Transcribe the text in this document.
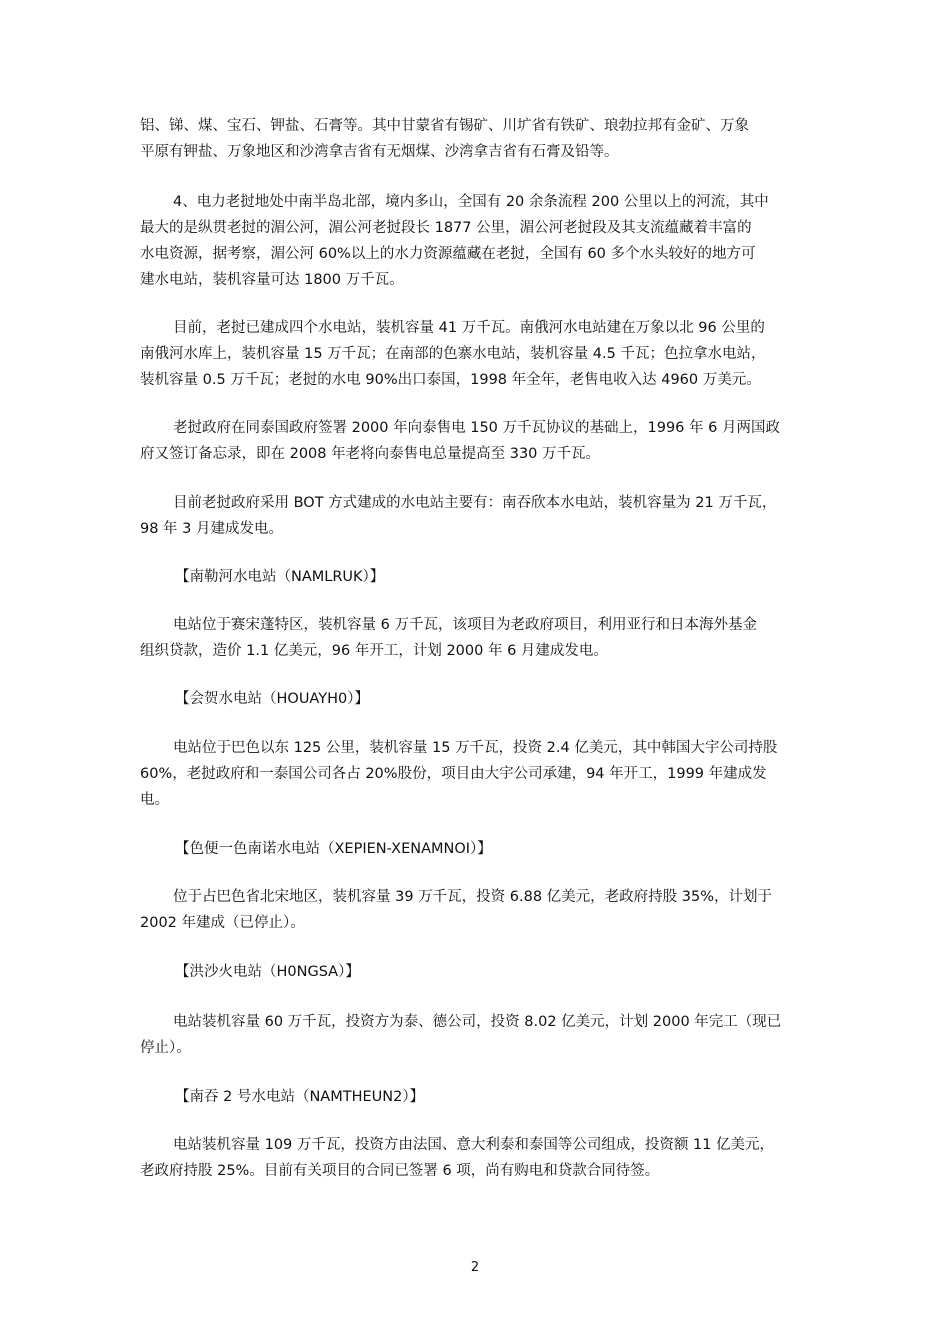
铝、锑、煤、宝石、钾盐、石膏等。其中甘蒙省有锡矿、川圹省有铁矿、琅勃拉邦有金矿、万象
平原有钾盐、万象地区和沙湾拿吉省有无烟煤、沙湾拿吉省有石膏及铅等。

4、电力老挝地处中南半岛北部，境内多山，全国有 20 余条流程 200 公里以上的河流，其中
最大的是纵贯老挝的湄公河，湄公河老挝段长 1877 公里，湄公河老挝段及其支流蕴藏着丰富的
水电资源，据考察，湄公河 60%以上的水力资源蕴藏在老挝，全国有 60 多个水头较好的地方可
建水电站，装机容量可达 1800 万千瓦。

目前，老挝已建成四个水电站，装机容量 41 万千瓦。南俄河水电站建在万象以北 96 公里的
南俄河水库上，装机容量 15 万千瓦；在南部的色寨水电站，装机容量 4.5 千瓦；色拉拿水电站，
装机容量 0.5 万千瓦；老挝的水电 90%出口泰国，1998 年全年，老售电收入达 4960 万美元。

老挝政府在同泰国政府签署 2000 年向泰售电 150 万千瓦协议的基础上，1996 年 6 月两国政
府又签订备忘录，即在 2008 年老将向泰售电总量提高至 330 万千瓦。

目前老挝政府采用 BOT 方式建成的水电站主要有：南吞欣本水电站，装机容量为 21 万千瓦，
98 年 3 月建成发电。

【南勒河水电站（NAMLRUK）】

电站位于赛宋蓬特区，装机容量 6 万千瓦，该项目为老政府项目，利用亚行和日本海外基金
组织贷款，造价 1.1 亿美元，96 年开工，计划 2000 年 6 月建成发电。

【会贺水电站（HOUAYH0）】

电站位于巴色以东 125 公里，装机容量 15 万千瓦，投资 2.4 亿美元，其中韩国大宇公司持股
60%，老挝政府和一泰国公司各占 20%股份，项目由大宇公司承建，94 年开工，1999 年建成发
电。

【色便一色南诺水电站（XEPIEN-XENAMNOI）】

位于占巴色省北宋地区，装机容量 39 万千瓦，投资 6.88 亿美元，老政府持股 35%，计划于
2002 年建成（已停止）。

【洪沙火电站（H0NGSA）】

电站装机容量 60 万千瓦，投资方为泰、德公司，投资 8.02 亿美元，计划 2000 年完工（现已
停止）。

【南吞 2 号水电站（NAMTHEUN2）】

电站装机容量 109 万千瓦，投资方由法国、意大利泰和泰国等公司组成，投资额 11 亿美元，
老政府持股 25%。目前有关项目的合同已签署 6 项，尚有购电和贷款合同待签。

2
